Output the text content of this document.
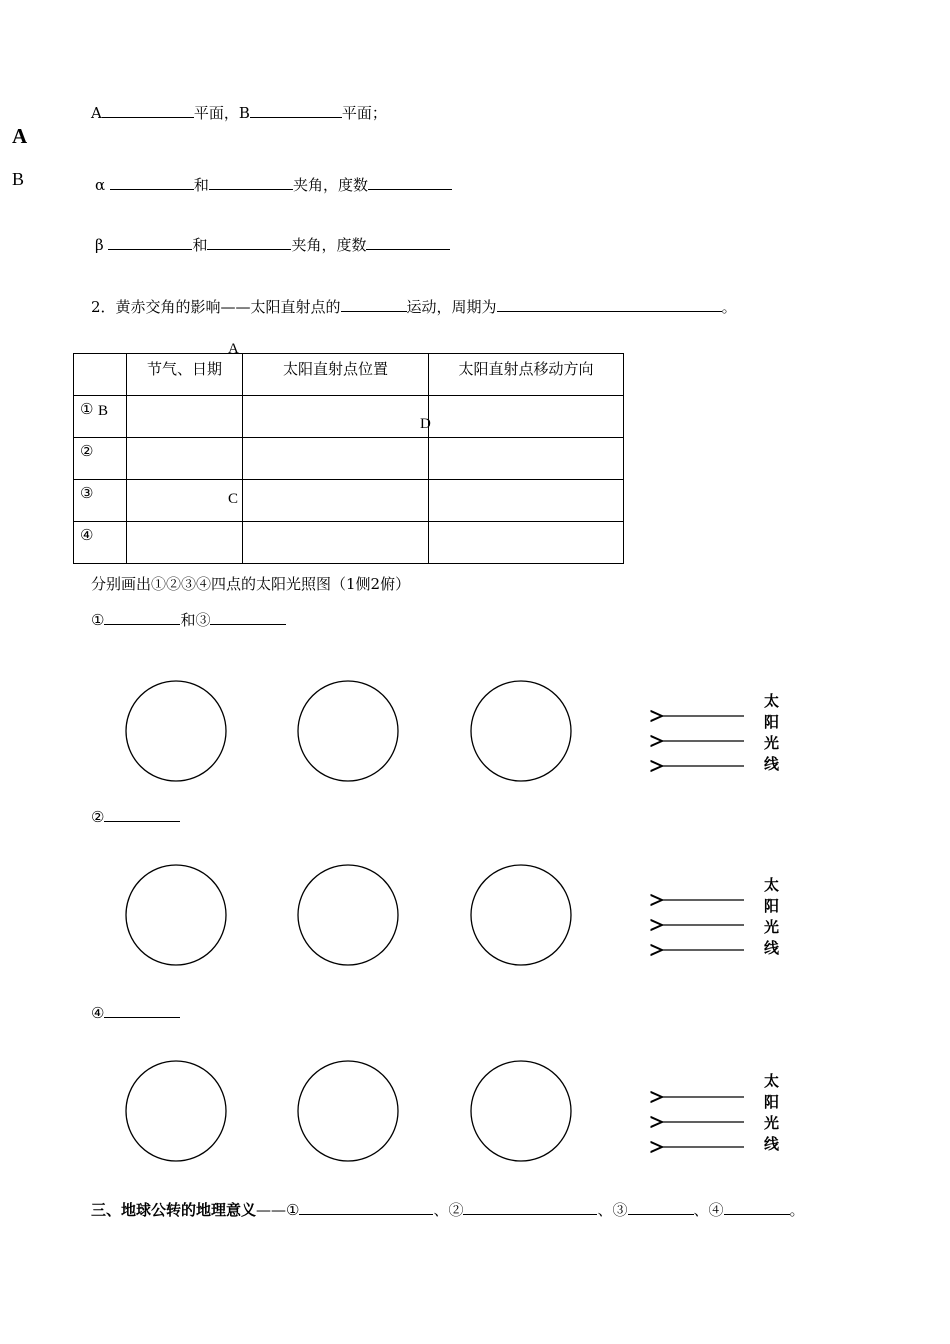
A
B
A	平面，B	平面；
α	和	夹角，度数
β	和	夹角，度数
2．黄赤交角的影响——太阳直射点的	运动，周期为	。
	节气、日期	太阳直射点位置	太阳直射点移动方向
①			
②			
③			
④			
A
B
D
C
分别画出①②③④四点的太阳光照图（1侧2俯）
①	和③
②
④
太
阳
光
线
太
阳
光
线
太
阳
光
线
三、地球公转的地理意义——①	、②	、③	、④	。
